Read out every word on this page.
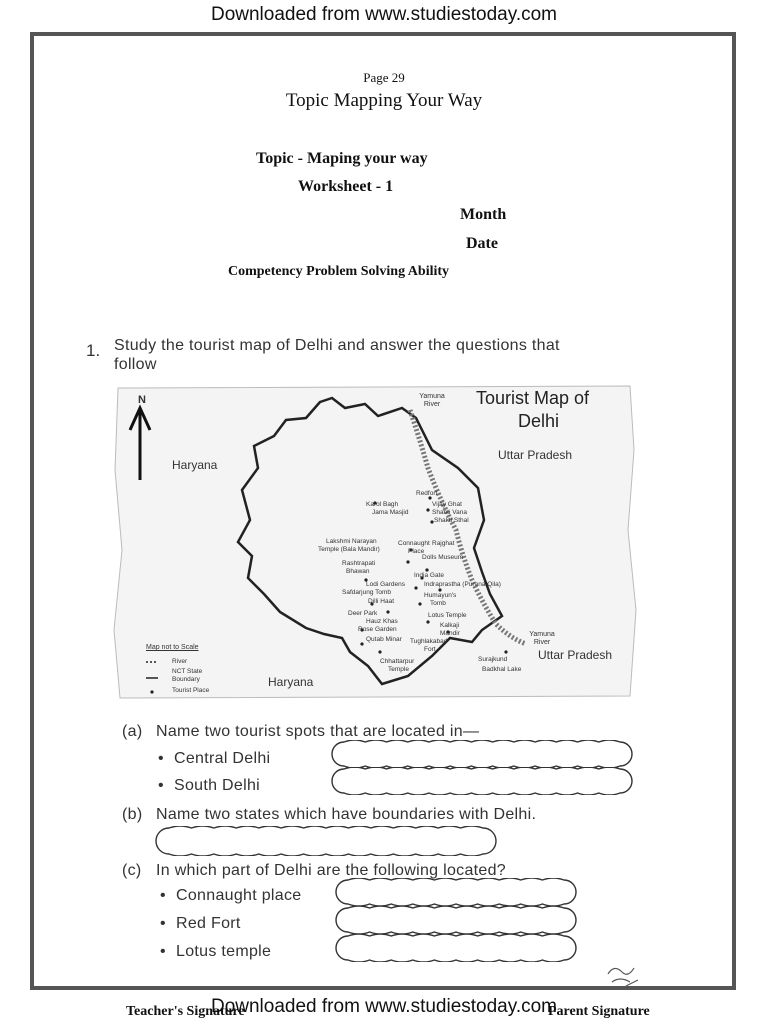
Downloaded from www.studiestoday.com
Page 29
Topic Mapping Your Way
Topic - Maping your way
Worksheet - 1
Month
Date
Competency Problem Solving Ability
1. Study the tourist map of Delhi and answer the questions that
follow
N	Tourist Map of
Delhi
Yamuna River
Yamuna River
Haryana
Haryana
Uttar Pradesh
Uttar Pradesh
Map not to Scale
River
NCT State
Boundary
Tourist Place
Redfort
Vijay Ghat
Shanti Vana
Shakti Sthal
Karol Bagh
Jama Masjid
Lakshmi Narayan
Temple (Bala Mandir)
Connaught
Place
Rajghat
Dolls Museum
Rashtrapati
Bhawan
India Gate
Lodi Gardens
Safdarjung Tomb
Dilli Haat
Indraprastha (Purana Qila)
Humayun's
Tomb
Deer Park
Hauz Khas
Rose Garden
Lotus Temple
Kalkaji
Mandir
Qutab Minar Tughlakabad
Fort
Chhattarpur
Temple
Surajkund
Badkhal Lake
(a) Name two tourist spots that are located in—
• Central Delhi
• South Delhi
(b) Name two states which have boundaries with Delhi.
(c) In which part of Delhi are the following located?
• Connaught place
• Red Fort
• Lotus temple
Teacher's Signature	Parent Signature
Downloaded from www.studiestoday.com
